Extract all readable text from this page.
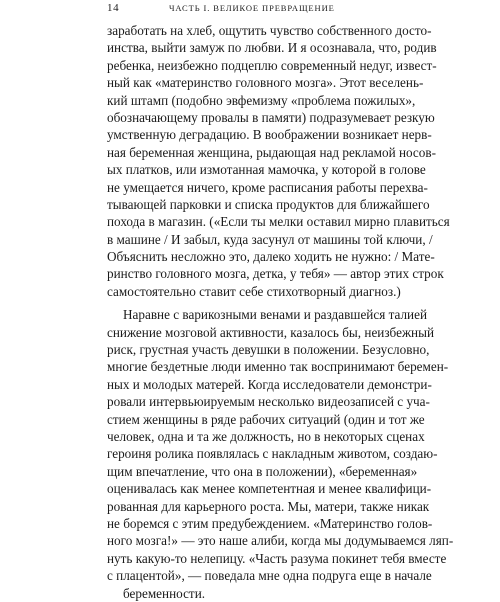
14	ЧАСТЬ I. ВЕЛИКОЕ ПРЕВРАЩЕНИЕ
заработать на хлеб, ощутить чувство собственного досто-
инства, выйти замуж по любви. И я осознавала, что, родив
ребенка, неизбежно подцеплю современный недуг, извест-
ный как «материнство головного мозга». Этот веселень-
кий штамп (подобно эвфемизму «проблема пожилых»,
обозначающему провалы в памяти) подразумевает резкую
умственную деградацию. В воображении возникает нерв-
ная беременная женщина, рыдающая над рекламой носов-
ых платков, или измотанная мамочка, у которой в голове
не умещается ничего, кроме расписания работы перехва-
тывающей парковки и списка продуктов для ближайшего
похода в магазин. («Если ты мелки оставил мирно плавиться
в машине / И забыл, куда засунул от машины той ключи, /
Объяснить несложно это, далеко ходить не нужно: / Мате-
ринство головного мозга, детка, у тебя» — автор этих строк
самостоятельно ставит себе стихотворный диагноз.)
Наравне с варикозными венами и раздавшейся талией
снижение мозговой активности, казалось бы, неизбежный
риск, грустная участь девушки в положении. Безусловно,
многие бездетные люди именно так воспринимают беремен-
ных и молодых матерей. Когда исследователи демонстри-
ровали интервьюируемым несколько видеозаписей с уча-
стием женщины в ряде рабочих ситуаций (один и тот же
человек, одна и та же должность, но в некоторых сценах
героиня ролика появлялась с накладным животом, создаю-
щим впечатление, что она в положении), «беременная»
оценивалась как менее компетентная и менее квалифици-
рованная для карьерного роста. Мы, матери, также никак
не боремся с этим предубеждением. «Материнство голов-
ного мозга!» — это наше алиби, когда мы додумываемся ляп-
нуть какую-то нелепицу. «Часть разума покинет тебя вместе
с плацентой», — поведала мне одна подруга еще в начале
беременности.
